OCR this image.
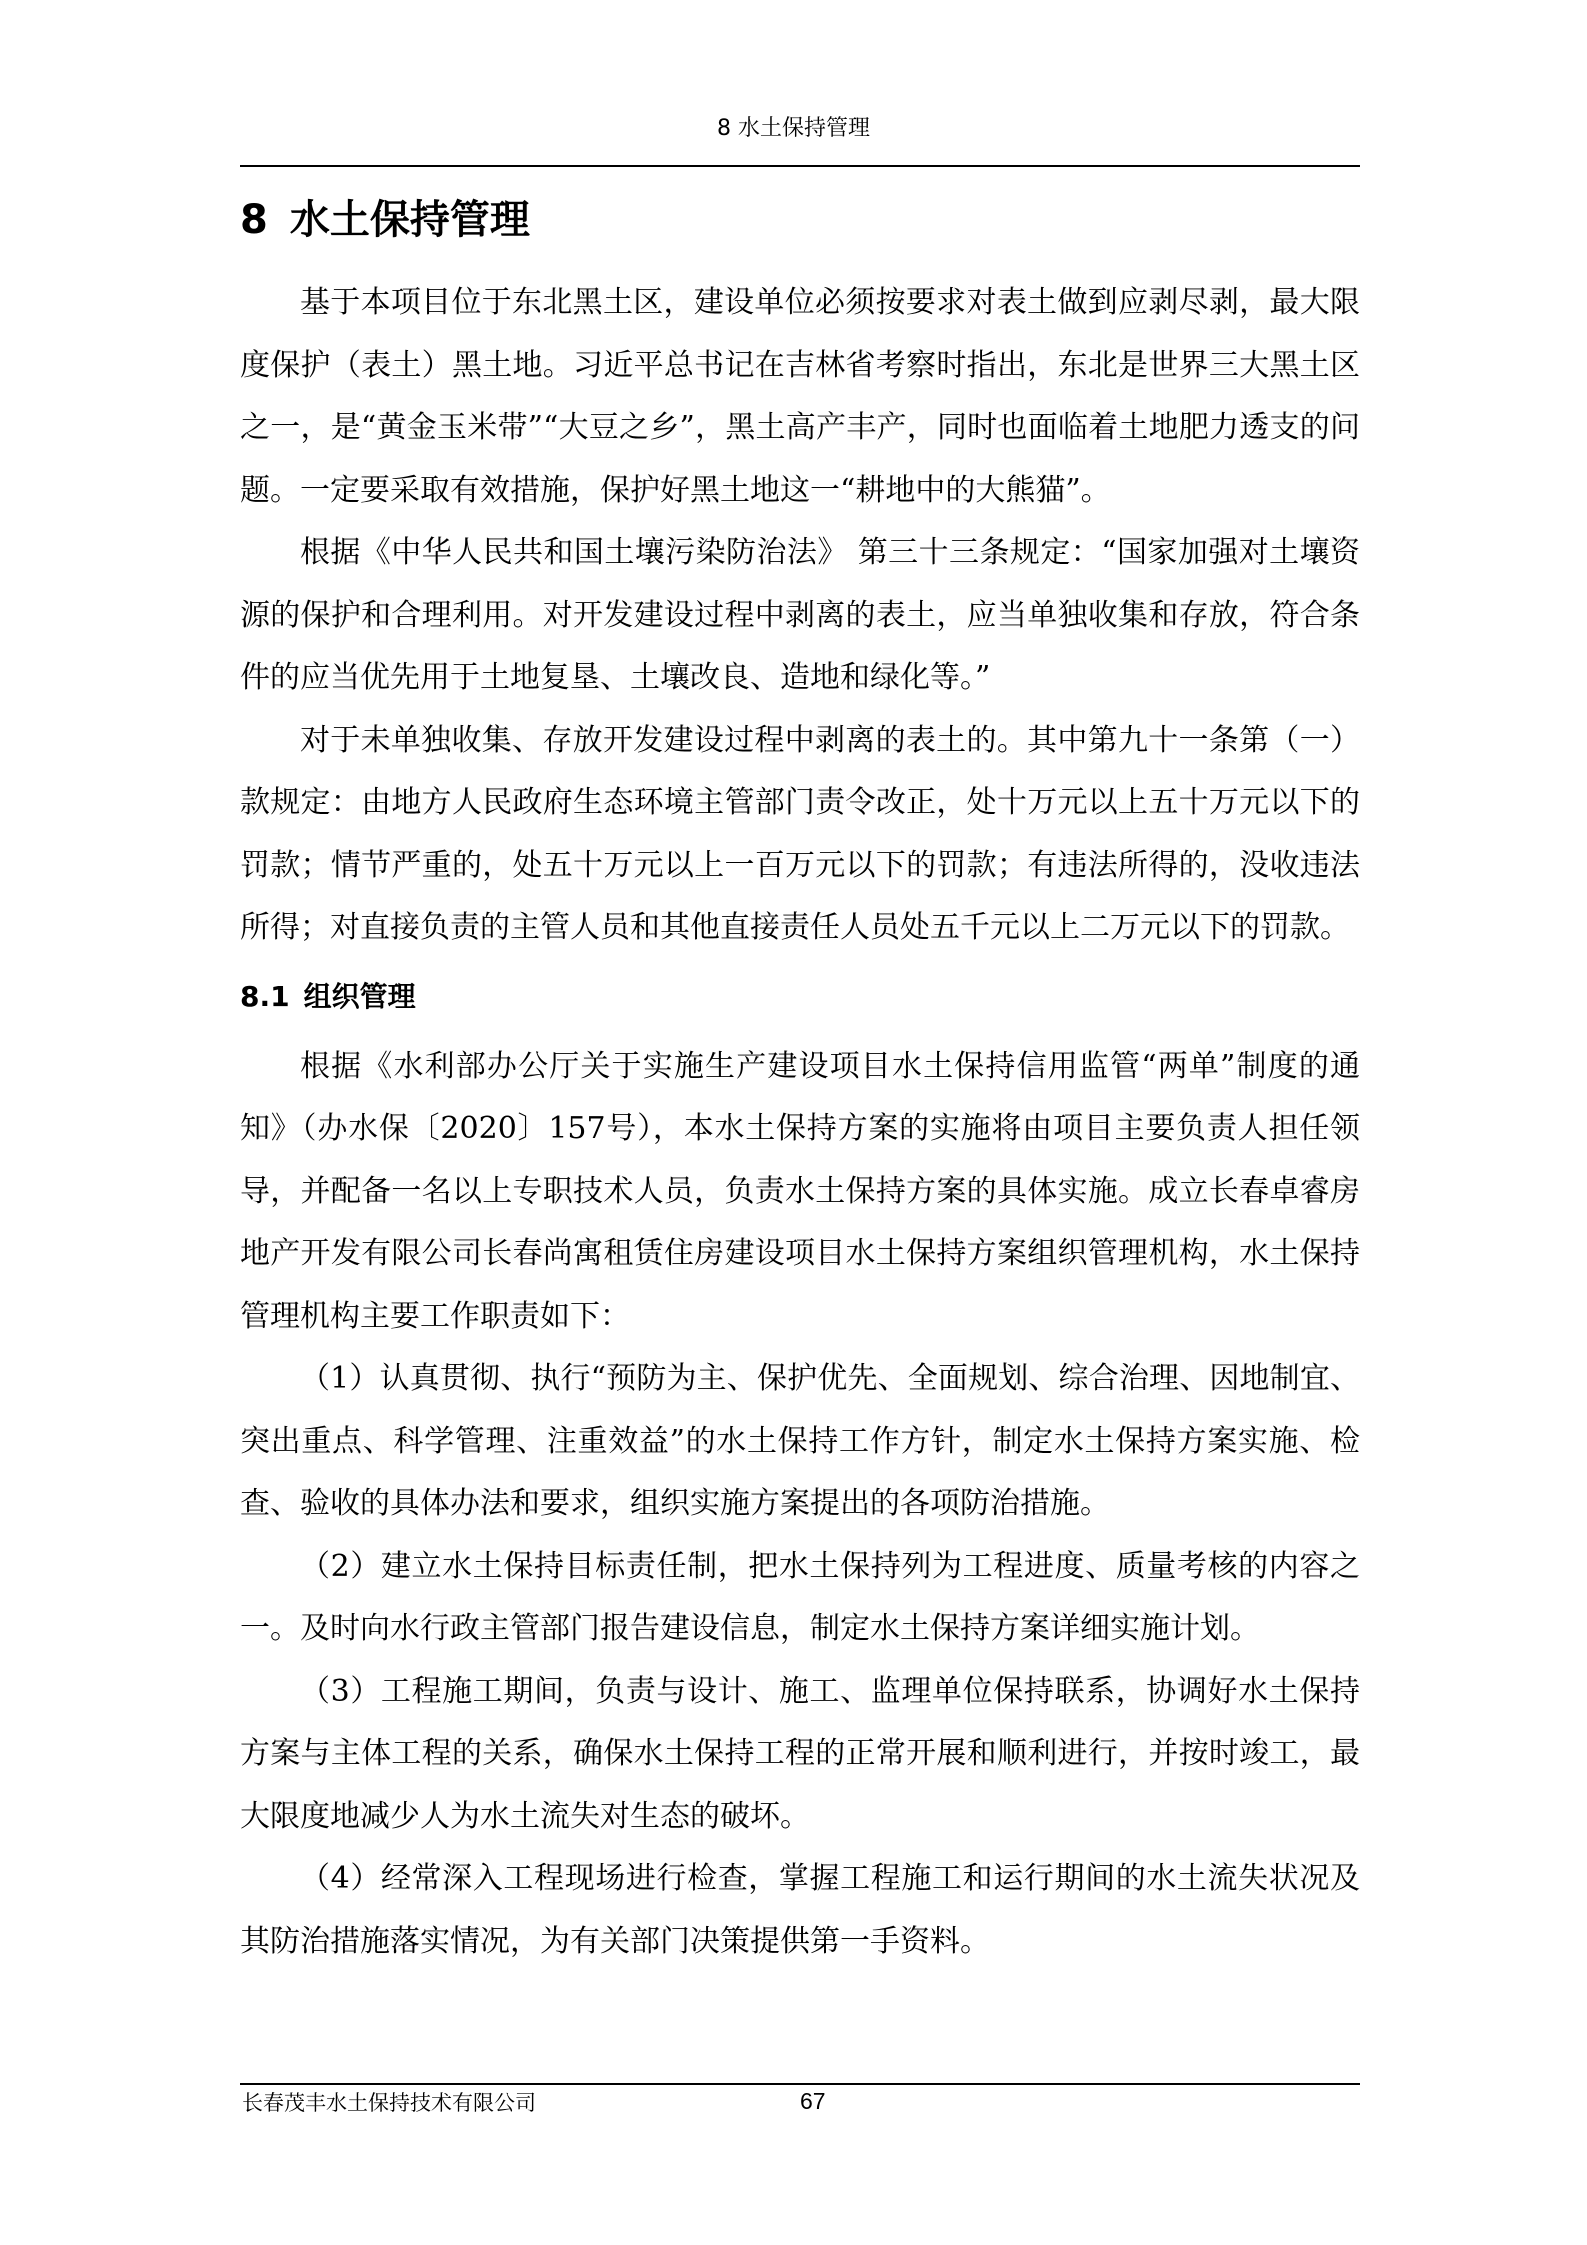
8 水土保持管理
8 水土保持管理

基于本项目位于东北黑土区，建设单位必须按要求对表土做到应剥尽剥，最大限度保护（表土）黑土地。习近平总书记在吉林省考察时指出，东北是世界三大黑土区之一，是“黄金玉米带”“大豆之乡”，黑土高产丰产，同时也面临着土地肥力透支的问题。一定要采取有效措施，保护好黑土地这一“耕地中的大熊猫”。

根据《中华人民共和国土壤污染防治法》 第三十三条规定：“国家加强对土壤资源的保护和合理利用。对开发建设过程中剥离的表土，应当单独收集和存放，符合条件的应当优先用于土地复垦、土壤改良、造地和绿化等。”

对于未单独收集、存放开发建设过程中剥离的表土的。其中第九十一条第（一）款规定：由地方人民政府生态环境主管部门责令改正，处十万元以上五十万元以下的罚款；情节严重的，处五十万元以上一百万元以下的罚款；有违法所得的，没收违法所得；对直接负责的主管人员和其他直接责任人员处五千元以上二万元以下的罚款。

8.1 组织管理

根据《水利部办公厅关于实施生产建设项目水土保持信用监管“两单”制度的通知》（办水保〔2020〕157号），本水土保持方案的实施将由项目主要负责人担任领导，并配备一名以上专职技术人员，负责水土保持方案的具体实施。成立长春卓睿房地产开发有限公司长春尚寓租赁住房建设项目水土保持方案组织管理机构，水土保持管理机构主要工作职责如下：

（1）认真贯彻、执行“预防为主、保护优先、全面规划、综合治理、因地制宜、突出重点、科学管理、注重效益”的水土保持工作方针，制定水土保持方案实施、检查、验收的具体办法和要求，组织实施方案提出的各项防治措施。

（2）建立水土保持目标责任制，把水土保持列为工程进度、质量考核的内容之一。及时向水行政主管部门报告建设信息，制定水土保持方案详细实施计划。

（3）工程施工期间，负责与设计、施工、监理单位保持联系，协调好水土保持方案与主体工程的关系，确保水土保持工程的正常开展和顺利进行，并按时竣工，最大限度地减少人为水土流失对生态的破坏。

（4）经常深入工程现场进行检查，掌握工程施工和运行期间的水土流失状况及其防治措施落实情况，为有关部门决策提供第一手资料。

长春茂丰水土保持技术有限公司	67
